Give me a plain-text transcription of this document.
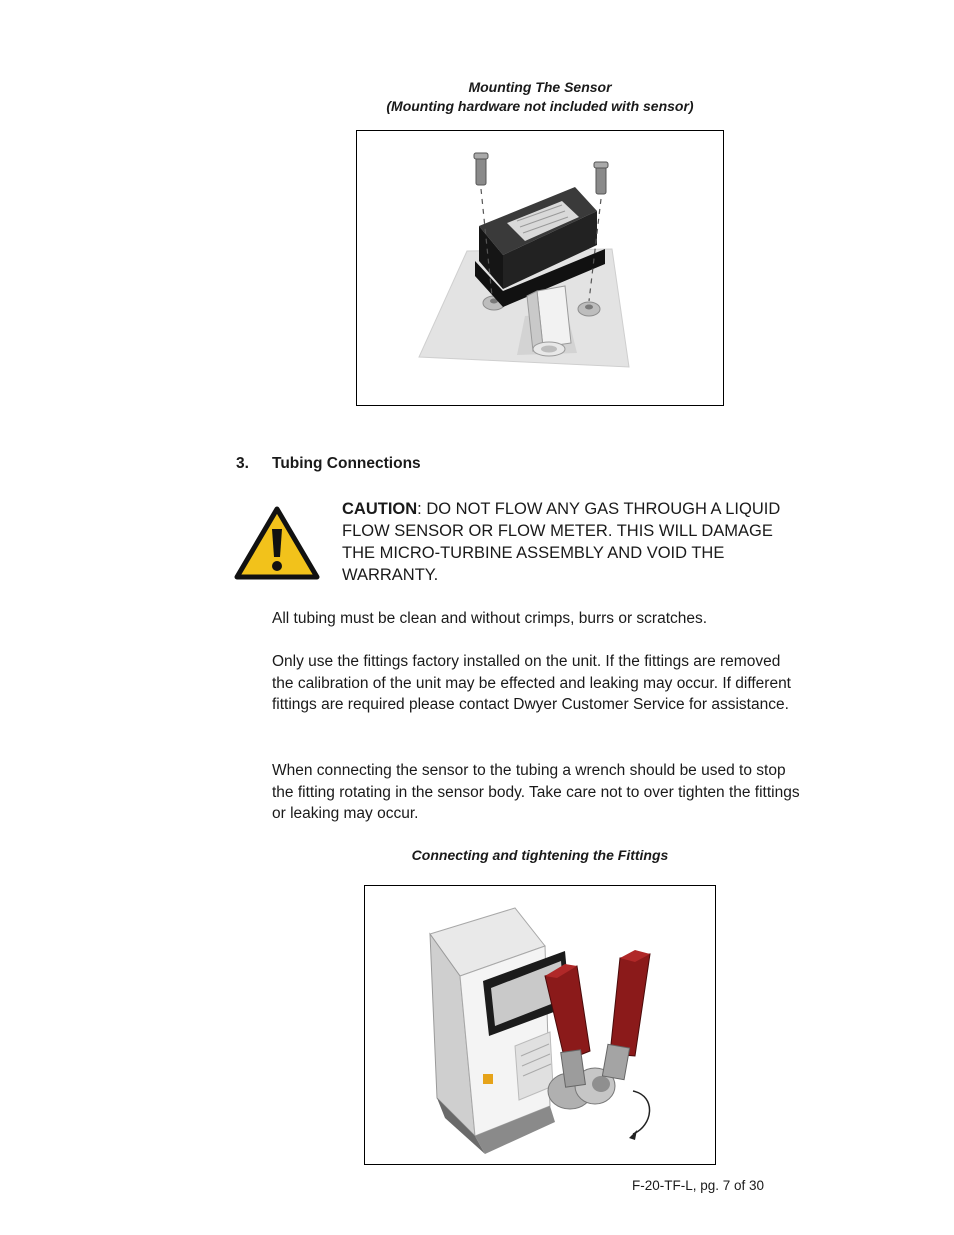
Mounting The Sensor
(Mounting hardware not included with sensor)
3. Tubing Connections
CAUTION: DO NOT FLOW ANY GAS THROUGH A LIQUID FLOW SENSOR OR FLOW METER. THIS WILL DAMAGE THE MICRO-TURBINE ASSEMBLY AND VOID THE WARRANTY.
All tubing must be clean and without crimps, burrs or scratches.
Only use the fittings factory installed on the unit. If the fittings are removed the calibration of the unit may be effected and leaking may occur. If different fittings are required please contact Dwyer Customer Service for assistance.
When connecting the sensor to the tubing a wrench should be used to stop the fitting rotating in the sensor body. Take care not to over tighten the fittings or leaking may occur.
Connecting and tightening the Fittings
F-20-TF-L, pg. 7 of 30
